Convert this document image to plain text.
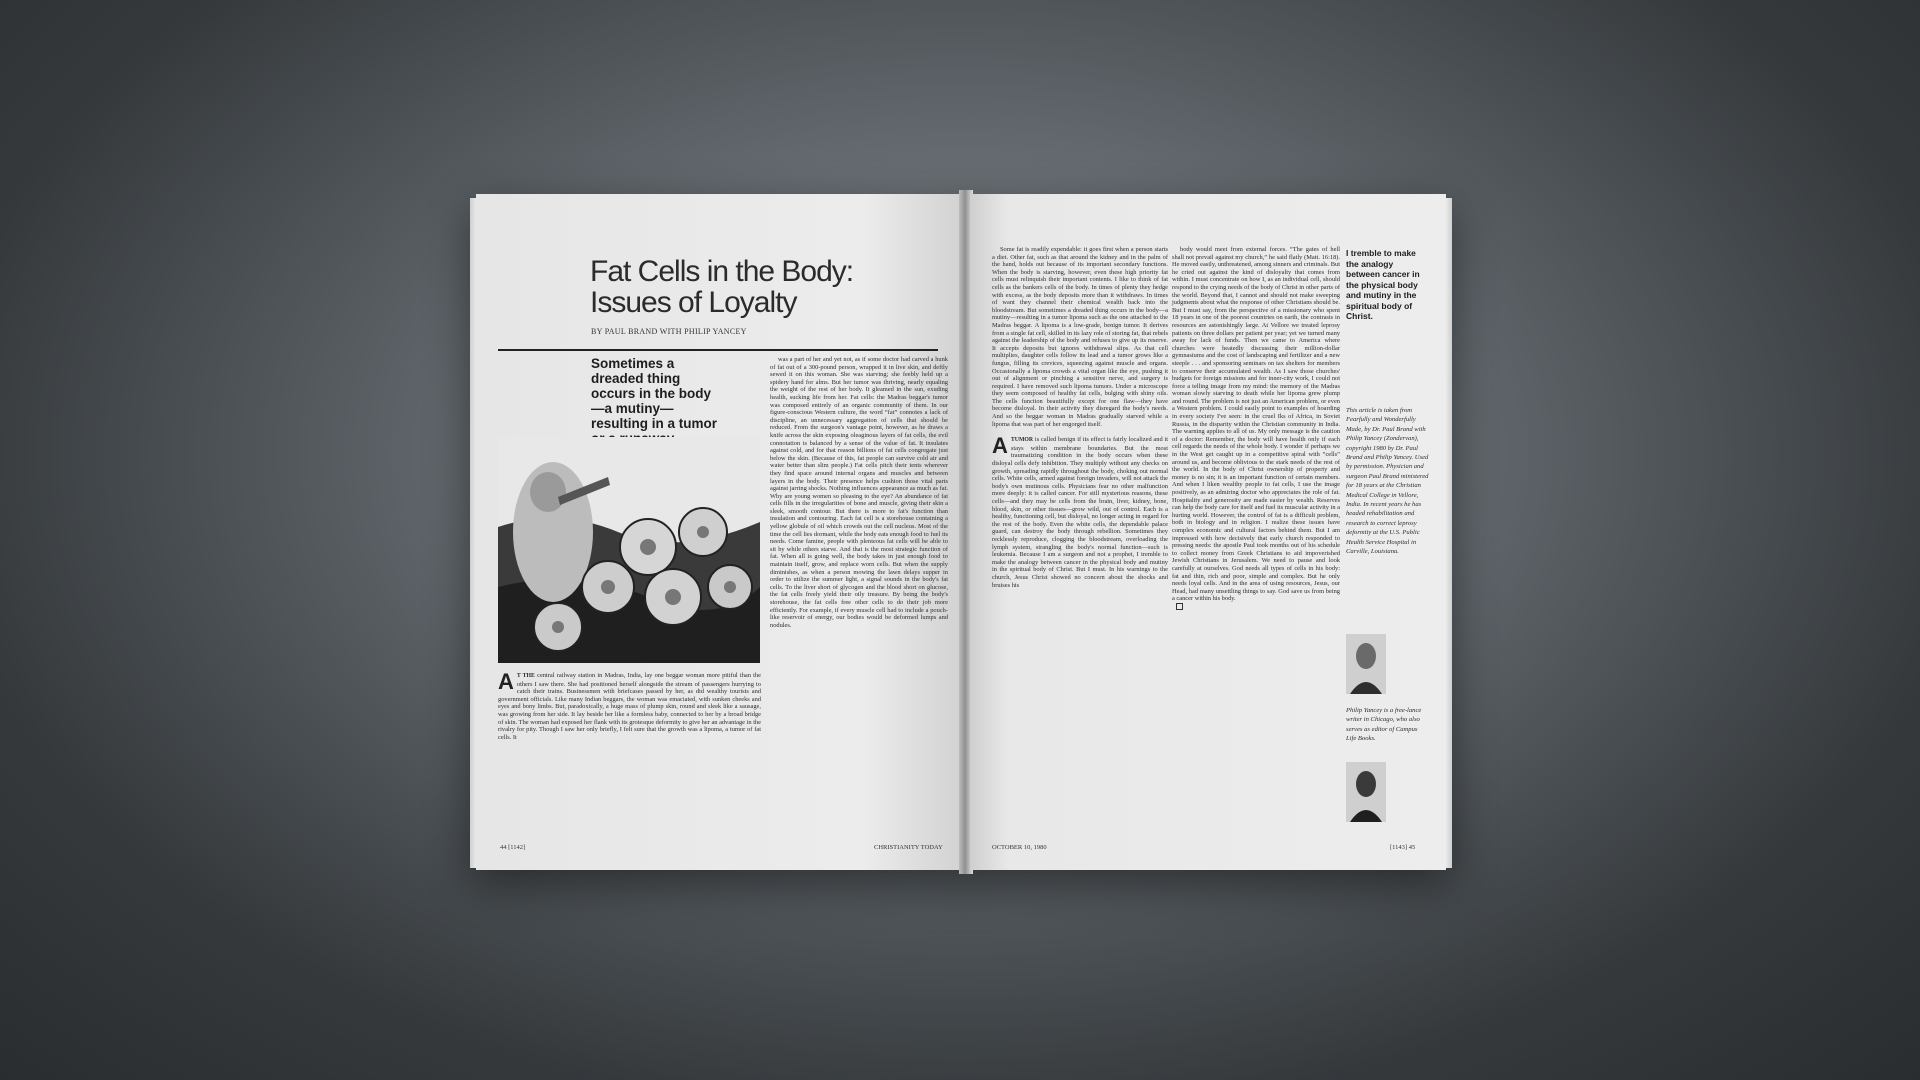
Fat Cells in the Body: Issues of Loyalty
BY PAUL BRAND WITH PHILIP YANCEY
Sometimes a dreaded thing occurs in the body—a mutiny—resulting in a tumor
A T THE central railway station in Madras, India, lay one beggar woman more pitiful than the others I saw there. She had positioned herself alongside the stream of passengers hurrying to catch their trains. Businessmen with briefcases passed by her, as did wealthy tourists and government officials. Like many Indian beggars, the woman was emaciated, with sunken cheeks and eyes and bony limbs. But, paradoxically, a huge mass of plump skin, round and sleek like a sausage, was growing from her side. It lay beside her like a formless baby, connected to her by a broad bridge of skin. The woman had exposed her flank with its grotesque deformity to give her an advantage in the rivalry for pity. Though I saw her only briefly, I felt sure that the growth was a lipoma, a tumor of fat cells. It

was a part of her and yet not, as if some doctor had carved a hunk of fat out of a 300-pound person, wrapped it in live skin, and deftly sewed it on this woman. She was starving; she feebly held up a spidery hand for alms. But her tumor was thriving, nearly equaling the weight of the rest of her body. It gleamed in the sun, exuding health, sucking life from her. Fat cells: the Madras beggar's tumor was composed entirely of an organic community of them. In our figure-conscious Western culture, the word “fat” connotes a lack of discipline, an unnecessary aggregation of cells that should be reduced. From the surgeon's vantage point, however, as he draws a knife across the skin exposing oleaginous layers of fat cells, the evil connotation is balanced by a sense of the value of fat. It insulates against cold, and for that reason billions of fat cells congregate just below the skin. (Because of this, fat people can survive cold air and water better than slim people.) Fat cells pitch their tents wherever they find space around internal organs and muscles and between layers in the body. Their presence helps cushion those vital parts against jarring shocks. Nothing influences appearance as much as fat. Why are young women so pleasing to the eye? An abundance of fat cells fills in the irregularities of bone and muscle, giving their skin a sleek, smooth contour. But there is more to fat's function than insulation and contouring. Each fat cell is a storehouse containing a yellow globule of oil which crowds out the cell nucleus. Most of the time the cell lies dormant, while the body eats enough food to fuel its needs. Come famine, people with plenteous fat cells will be able to sit by while others starve. And that is the most strategic function of fat. When all is going well, the body takes in just enough food to maintain itself, grow, and replace worn cells. But when the supply diminishes, as when a person mowing the lawn delays supper in order to utilize the summer light, a signal sounds in the body's fat cells. To the liver short of glycogen and the blood short on glucose, the fat cells freely yield their oily treasure. By being the body's storehouse, the fat cells free other cells to do their job more efficiently. For example, if every muscle cell had to include a pouch-like reservoir of energy, our bodies would be deformed lumps and nodules.

44 [1142]	CHRISTIANITY TODAY

Some fat is readily expendable: it goes first when a person starts a diet. Other fat, such as that around the kidney and in the palm of the hand, holds out because of its important secondary functions. When the body is starving, however, even these high priority fat cells must relinquish their important contents. I like to think of fat cells as the bankers cells of the body. In times of plenty they hedge with excess, as the body deposits more than it withdraws. In times of want they channel their chemical wealth back into the bloodstream. But sometimes a dreaded thing occurs in the body—a mutiny—resulting in a tumor lipoma such as the one attached to the Madras beggar. A lipoma is a low-grade, benign tumor. It derives from a single fat cell, skilled in its lazy role of storing fat, that rebels against the leadership of the body and refuses to give up its reserve. It accepts deposits but ignores withdrawal slips. As that cell multiplies, daughter cells follow its lead and a tumor grows like a fungus, filling its crevices, squeezing against muscle and organs. Occasionally a lipoma crowds a vital organ like the eye, pushing it out of alignment or pinching a sensitive nerve, and surgery is required. I have removed such lipoma tumors. Under a microscope they seem composed of healthy fat cells, bulging with shiny oils. The cells function beautifully except for one flaw—they have become disloyal. In their activity they disregard the body's needs. And so the beggar woman in Madras gradually starved while a lipoma that was part of her engorged itself.

ATUMOR is called benign if its effect is fairly localized and it stays within membrane boundaries. But the most traumatizing condition in the body occurs when these disloyal cells defy inhibition. They multiply without any checks on growth, spreading rapidly throughout the body, choking out normal cells. White cells, armed against foreign invaders, will not attack the body's own mutinous cells. Physicians fear no other malfunction more deeply: it is called cancer. For still mysterious reasons, these cells—and they may be cells from the brain, liver, kidney, bone, blood, skin, or other tissues—grow wild, out of control. Each is a healthy, functioning cell, but disloyal, no longer acting in regard for the rest of the body. Even the white cells, the dependable palace guard, can destroy the body through rebellion. Sometimes they recklessly reproduce, clogging the bloodstream, overloading the lymph system, strangling the body's normal function—such is leukemia. Because I am a surgeon and not a prophet, I tremble to make the analogy between cancer in the physical body and mutiny in the spiritual body of Christ. But I must. In his warnings to the church, Jesus Christ showed no concern about the shocks and bruises his

body would meet from external forces. “The gates of hell shall not prevail against my church,” he said flatly (Matt. 16:18). He moved easily, unthreatened, among sinners and criminals. But he cried out against the kind of disloyalty that comes from within. I must concentrate on how I, as an individual cell, should respond to the crying needs of the body of Christ in other parts of the world. Beyond that, I cannot and should not make sweeping judgments about what the response of other Christians should be. But I must say, from the perspective of a missionary who spent 18 years in one of the poorest countries on earth, the contrasts in resources are astonishingly large. At Vellore we treated leprosy patients on three dollars per patient per year; yet we turned many away for lack of funds. Then we came to America where churches were heatedly discussing their million-dollar gymnasiums and the cost of landscaping and fertilizer and a new steeple . . . and sponsoring seminars on tax shelters for members to conserve their accumulated wealth. As I saw those churches' budgets for foreign missions and for inner-city work, I could not force a telling image from my mind: the memory of the Madras woman slowly starving to death while her lipoma grew plump and round. The problem is not just an American problem, or even a Western problem. I could easily point to examples of hoarding in every society I've seen: in the cruel Iks of Africa, in Soviet Russia, in the disparity within the Christian community in India. The warning applies to all of us. My only message is the caution of a doctor: Remember, the body will have health only if each cell regards the needs of the whole body. I wonder if perhaps we in the West get caught up in a competitive spiral with “cells” around us, and become oblivious to the stark needs of the rest of the world. In the body of Christ ownership of property and money is no sin; it is an important function of certain members. And when I liken wealthy people to fat cells, I use the image positively, as an admiring doctor who appreciates the role of fat. Hospitality and generosity are made easier by wealth. Reserves can help the body care for itself and fuel its muscular activity in a hurting world. However, the control of fat is a difficult problem, both in biology and in religion. I realize these issues have complex economic and cultural factors behind them. But I am impressed with how decisively that early church responded to pressing needs: the apostle Paul took months out of his schedule to collect money from Greek Christians to aid impoverished Jewish Christians in Jerusalem. We need to pause and look carefully at ourselves. God needs all types of cells in his body: fat and thin, rich and poor, simple and complex. But he only needs loyal cells. And in the area of using resources, Jesus, our Head, had many unsettling things to say. God save us from being a cancer within his body.

I tremble to make the analogy between cancer in the physical body and mutiny in the spiritual body of Christ.
This article is taken from Fearfully and Wonderfully Made, by Dr. Paul Brand with Philip Yancey (Zondervan), copyright 1980 by Dr. Paul Brand and Philip Yancey. Used by permission. Physician and surgeon Paul Brand ministered for 18 years at the Christian Medical College in Vellore, India. In recent years he has headed rehabilitation and research to correct leprosy deformity at the U.S. Public Health Service Hospital in Carville, Louisiana.
Philip Yancey is a free-lance writer in Chicago, who also serves as editor of Campus Life Books.
OCTOBER 10, 1980	[1143] 45
